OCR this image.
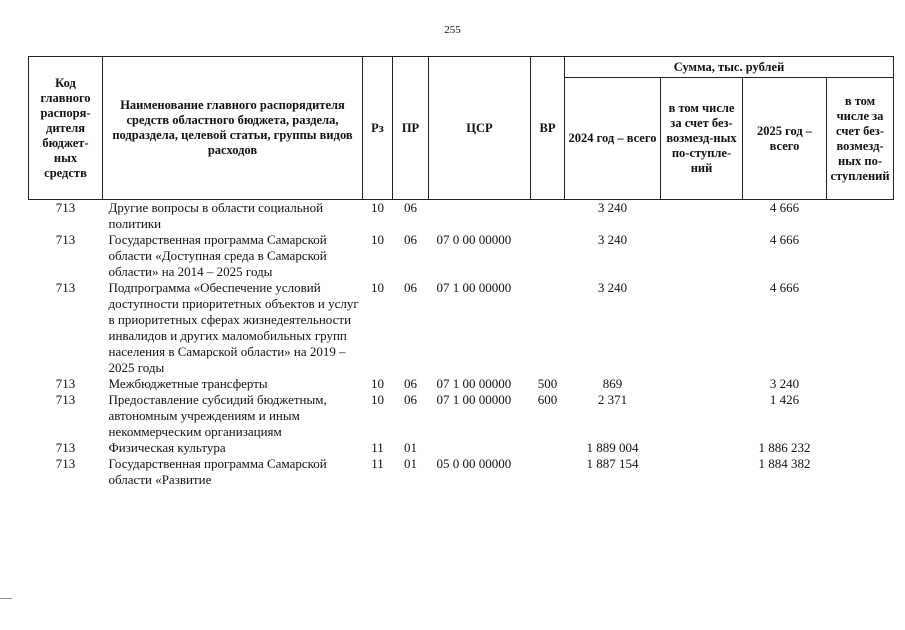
255
Код главного распоря-дителя бюджет-ных средств	Наименование главного распорядителя средств областного бюджета, раздела, подраздела, целевой статьи, группы видов расходов	Рз	ПР	ЦСР	ВР	Сумма, тыс. рублей			
						2024 год – всего	в том числе за счет без-возмезд-ных по-ступле-ний	2025 год – всего	в том числе за счет без-возмезд-ных по-ступлений
713	Другие вопросы в области социальной политики	10	06			3 240		4 666	
713	Государственная программа Самарской области «Доступная среда в Самарской области» на 2014 – 2025 годы	10	06	07 0 00 00000		3 240		4 666	
713	Подпрограмма «Обеспечение условий доступности приоритетных объектов и услуг в приоритетных сферах жизнедеятельности инвалидов и других маломобильных групп населения в Самарской области» на 2019 – 2025 годы	10	06	07 1 00 00000		3 240		4 666	
713	Межбюджетные трансферты	10	06	07 1 00 00000	500	869		3 240	
713	Предоставление субсидий бюджетным, автономным учреждениям и иным некоммерческим организациям	10	06	07 1 00 00000	600	2 371		1 426	
713	Физическая культура	11	01			1 889 004		1 886 232	
713	Государственная программа Самарской области «Развитие	11	01	05 0 00 00000		1 887 154		1 884 382	
